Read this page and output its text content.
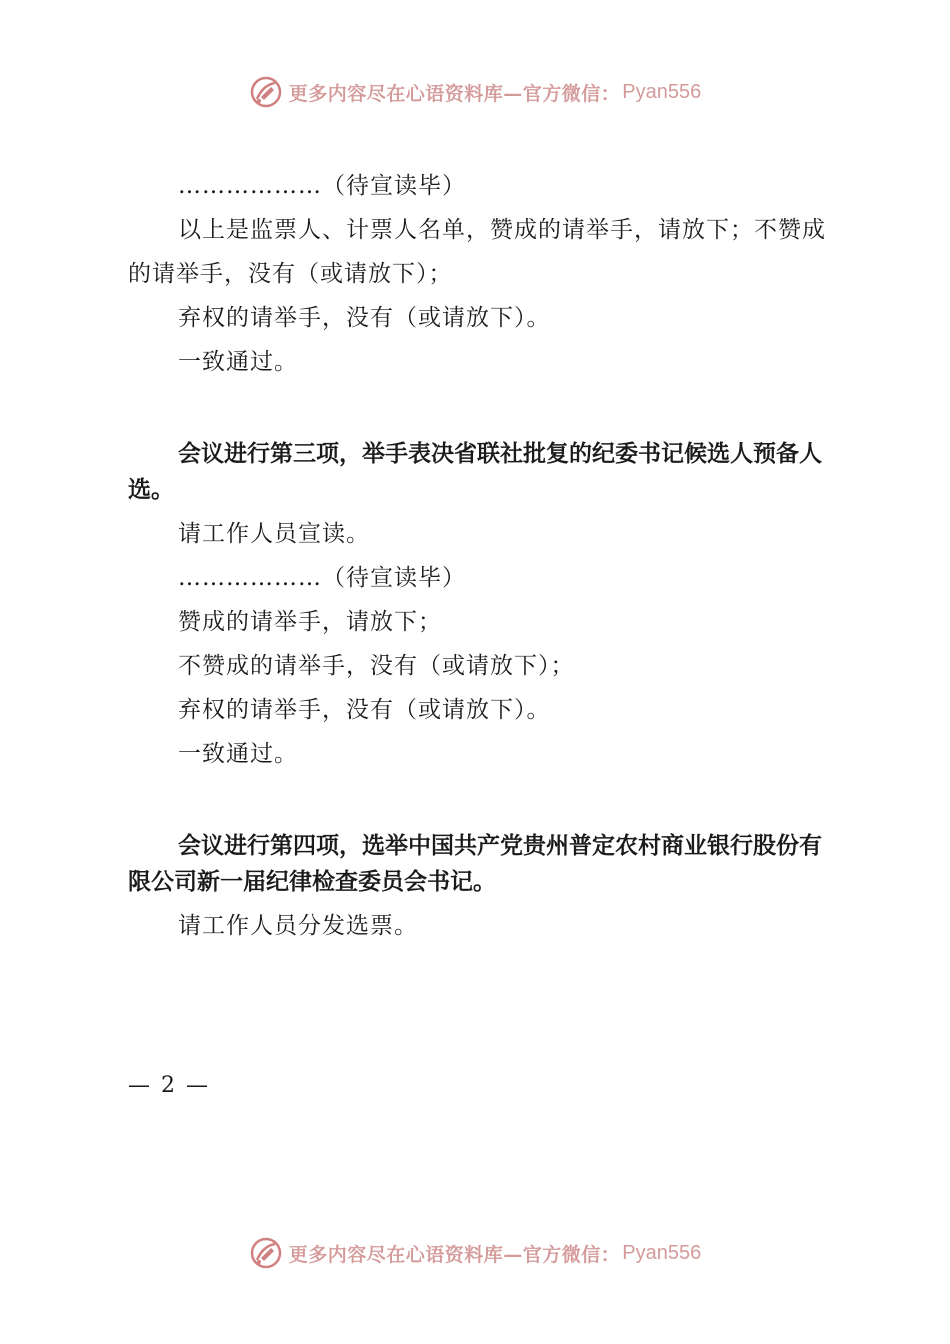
更多内容尽在心语资料库—官方微信： Pyan556

………………（待宣读毕）

以上是监票人、计票人名单，赞成的请举手，请放下；不赞成的请举手，没有（或请放下）；

弃权的请举手，没有（或请放下）。

一致通过。

会议进行第三项，举手表决省联社批复的纪委书记候选人预备人选。

请工作人员宣读。

………………（待宣读毕）

赞成的请举手，请放下；

不赞成的请举手，没有（或请放下）；

弃权的请举手，没有（或请放下）。

一致通过。

会议进行第四项，选举中国共产党贵州普定农村商业银行股份有限公司新一届纪律检查委员会书记。

请工作人员分发选票。

— 2 —
更多内容尽在心语资料库—官方微信： Pyan556
